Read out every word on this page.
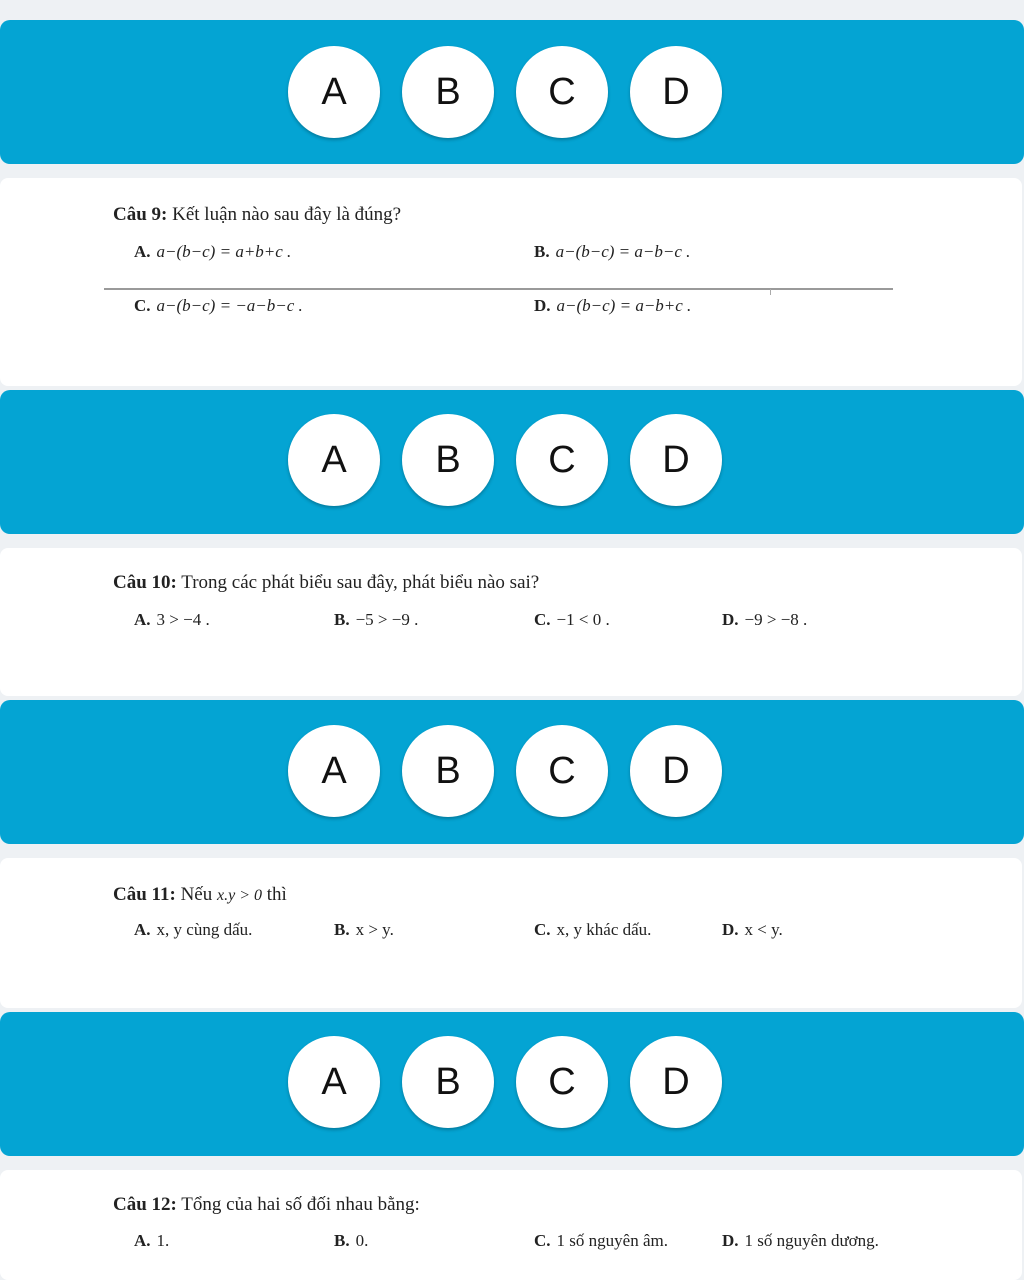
A	B	C	D
Câu 9: Kết luận nào sau đây là đúng?
A. a−(b−c) = a+b+c .	B. a−(b−c) = a−b−c .
C. a−(b−c) = −a−b−c .	D. a−(b−c) = a−b+c .
A	B	C	D
Câu 10: Trong các phát biểu sau đây, phát biểu nào sai?
A. 3 > −4 .	B. −5 > −9 .	C. −1 < 0 .	D. −9 > −8 .
A	B	C	D
Câu 11: Nếu x.y > 0 thì
A. x, y cùng dấu.	B. x > y.	C. x, y khác dấu.	D. x < y.
A	B	C	D
Câu 12: Tổng của hai số đối nhau bằng:
A. 1.	B. 0.	C. 1 số nguyên âm.	D. 1 số nguyên dương.
